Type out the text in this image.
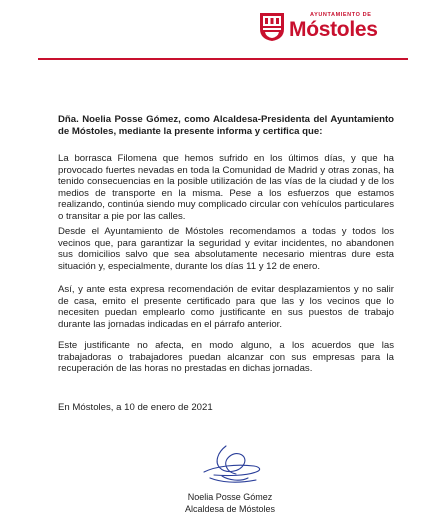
AYUNTAMIENTO DE
Móstoles

Dña. Noelia Posse Gómez, como Alcaldesa-Presidenta del Ayuntamiento de Móstoles, mediante la presente informa y certifica que:

La borrasca Filomena que hemos sufrido en los últimos días, y que ha provocado fuertes nevadas en toda la Comunidad de Madrid y otras zonas, ha tenido consecuencias en la posible utilización de las vías de la ciudad y de los medios de transporte en la misma. Pese a los esfuerzos que estamos realizando, continúa siendo muy complicado circular con vehículos particulares o transitar a pie por las calles.

Desde el Ayuntamiento de Móstoles recomendamos a todas y todos los vecinos que, para garantizar la seguridad y evitar incidentes, no abandonen sus domicilios salvo que sea absolutamente necesario mientras dure esta situación y, especialmente, durante los días 11 y 12 de enero.

Así, y ante esta expresa recomendación de evitar desplazamientos y no salir de casa, emito el presente certificado para que las y los vecinos que lo necesiten puedan emplearlo como justificante en sus puestos de trabajo durante las jornadas indicadas en el párrafo anterior.

Este justificante no afecta, en modo alguno, a los acuerdos que las trabajadoras o trabajadores puedan alcanzar con sus empresas para la recuperación de las horas no prestadas en dichas jornadas.

En Móstoles, a 10 de enero de 2021
Noelia Posse Gómez
Alcaldesa de Móstoles
